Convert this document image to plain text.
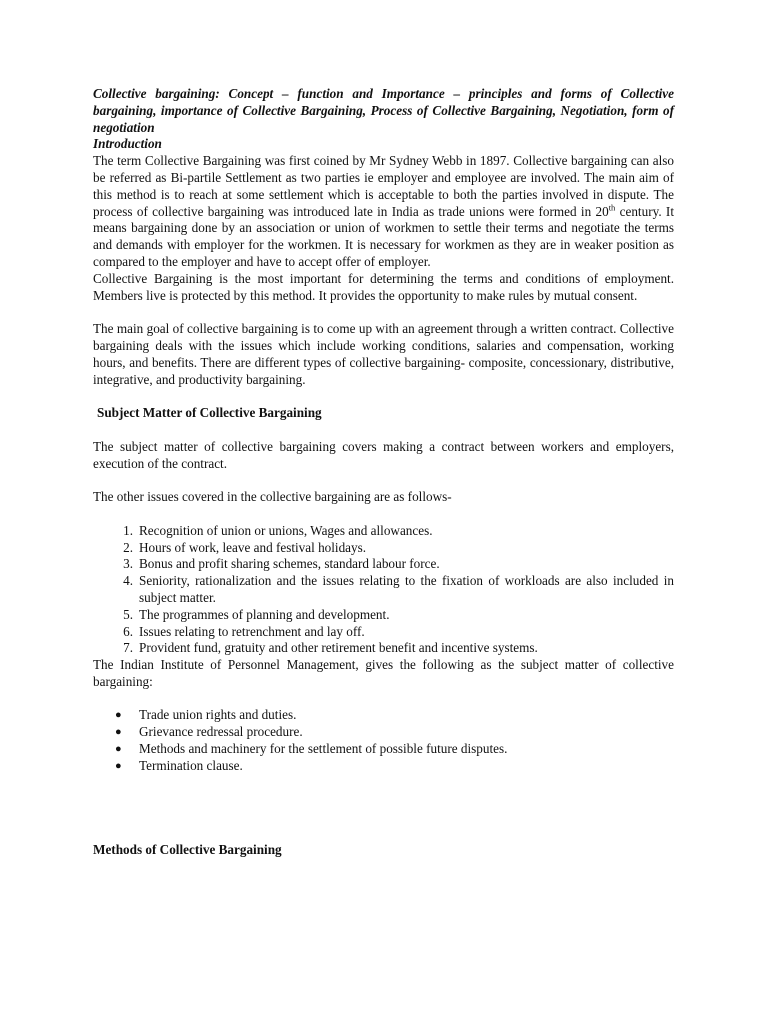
Collective bargaining: Concept – function and Importance – principles and forms of Collective bargaining, importance of Collective Bargaining, Process of Collective Bargaining, Negotiation, form of negotiation

Introduction

The term Collective Bargaining was first coined by Mr Sydney Webb in 1897. Collective bargaining can also be referred as Bi-partile Settlement as two parties ie employer and employee are involved. The main aim of this method is to reach at some settlement which is acceptable to both the parties involved in dispute. The process of collective bargaining was introduced late in India as trade unions were formed in 20th century. It means bargaining done by an association or union of workmen to settle their terms and negotiate the terms and demands with employer for the workmen. It is necessary for workmen as they are in weaker position as compared to the employer and have to accept offer of employer.

Collective Bargaining is the most important for determining the terms and conditions of employment. Members live is protected by this method. It provides the opportunity to make rules by mutual consent.

The main goal of collective bargaining is to come up with an agreement through a written contract. Collective bargaining deals with the issues which include working conditions, salaries and compensation, working hours, and benefits. There are different types of collective bargaining- composite, concessionary, distributive, integrative, and productivity bargaining.

Subject Matter of Collective Bargaining

The subject matter of collective bargaining covers making a contract between workers and employers, execution of the contract.

The other issues covered in the collective bargaining are as follows-

1. Recognition of union or unions, Wages and allowances.
2. Hours of work, leave and festival holidays.
3. Bonus and profit sharing schemes, standard labour force.
4. Seniority, rationalization and the issues relating to the fixation of workloads are also included in subject matter.
5. The programmes of planning and development.
6. Issues relating to retrenchment and lay off.
7. Provident fund, gratuity and other retirement benefit and incentive systems.

The Indian Institute of Personnel Management, gives the following as the subject matter of collective bargaining:

●	Trade union rights and duties.
●	Grievance redressal procedure.
●	Methods and machinery for the settlement of possible future disputes.
●	Termination clause.

Methods of Collective Bargaining
